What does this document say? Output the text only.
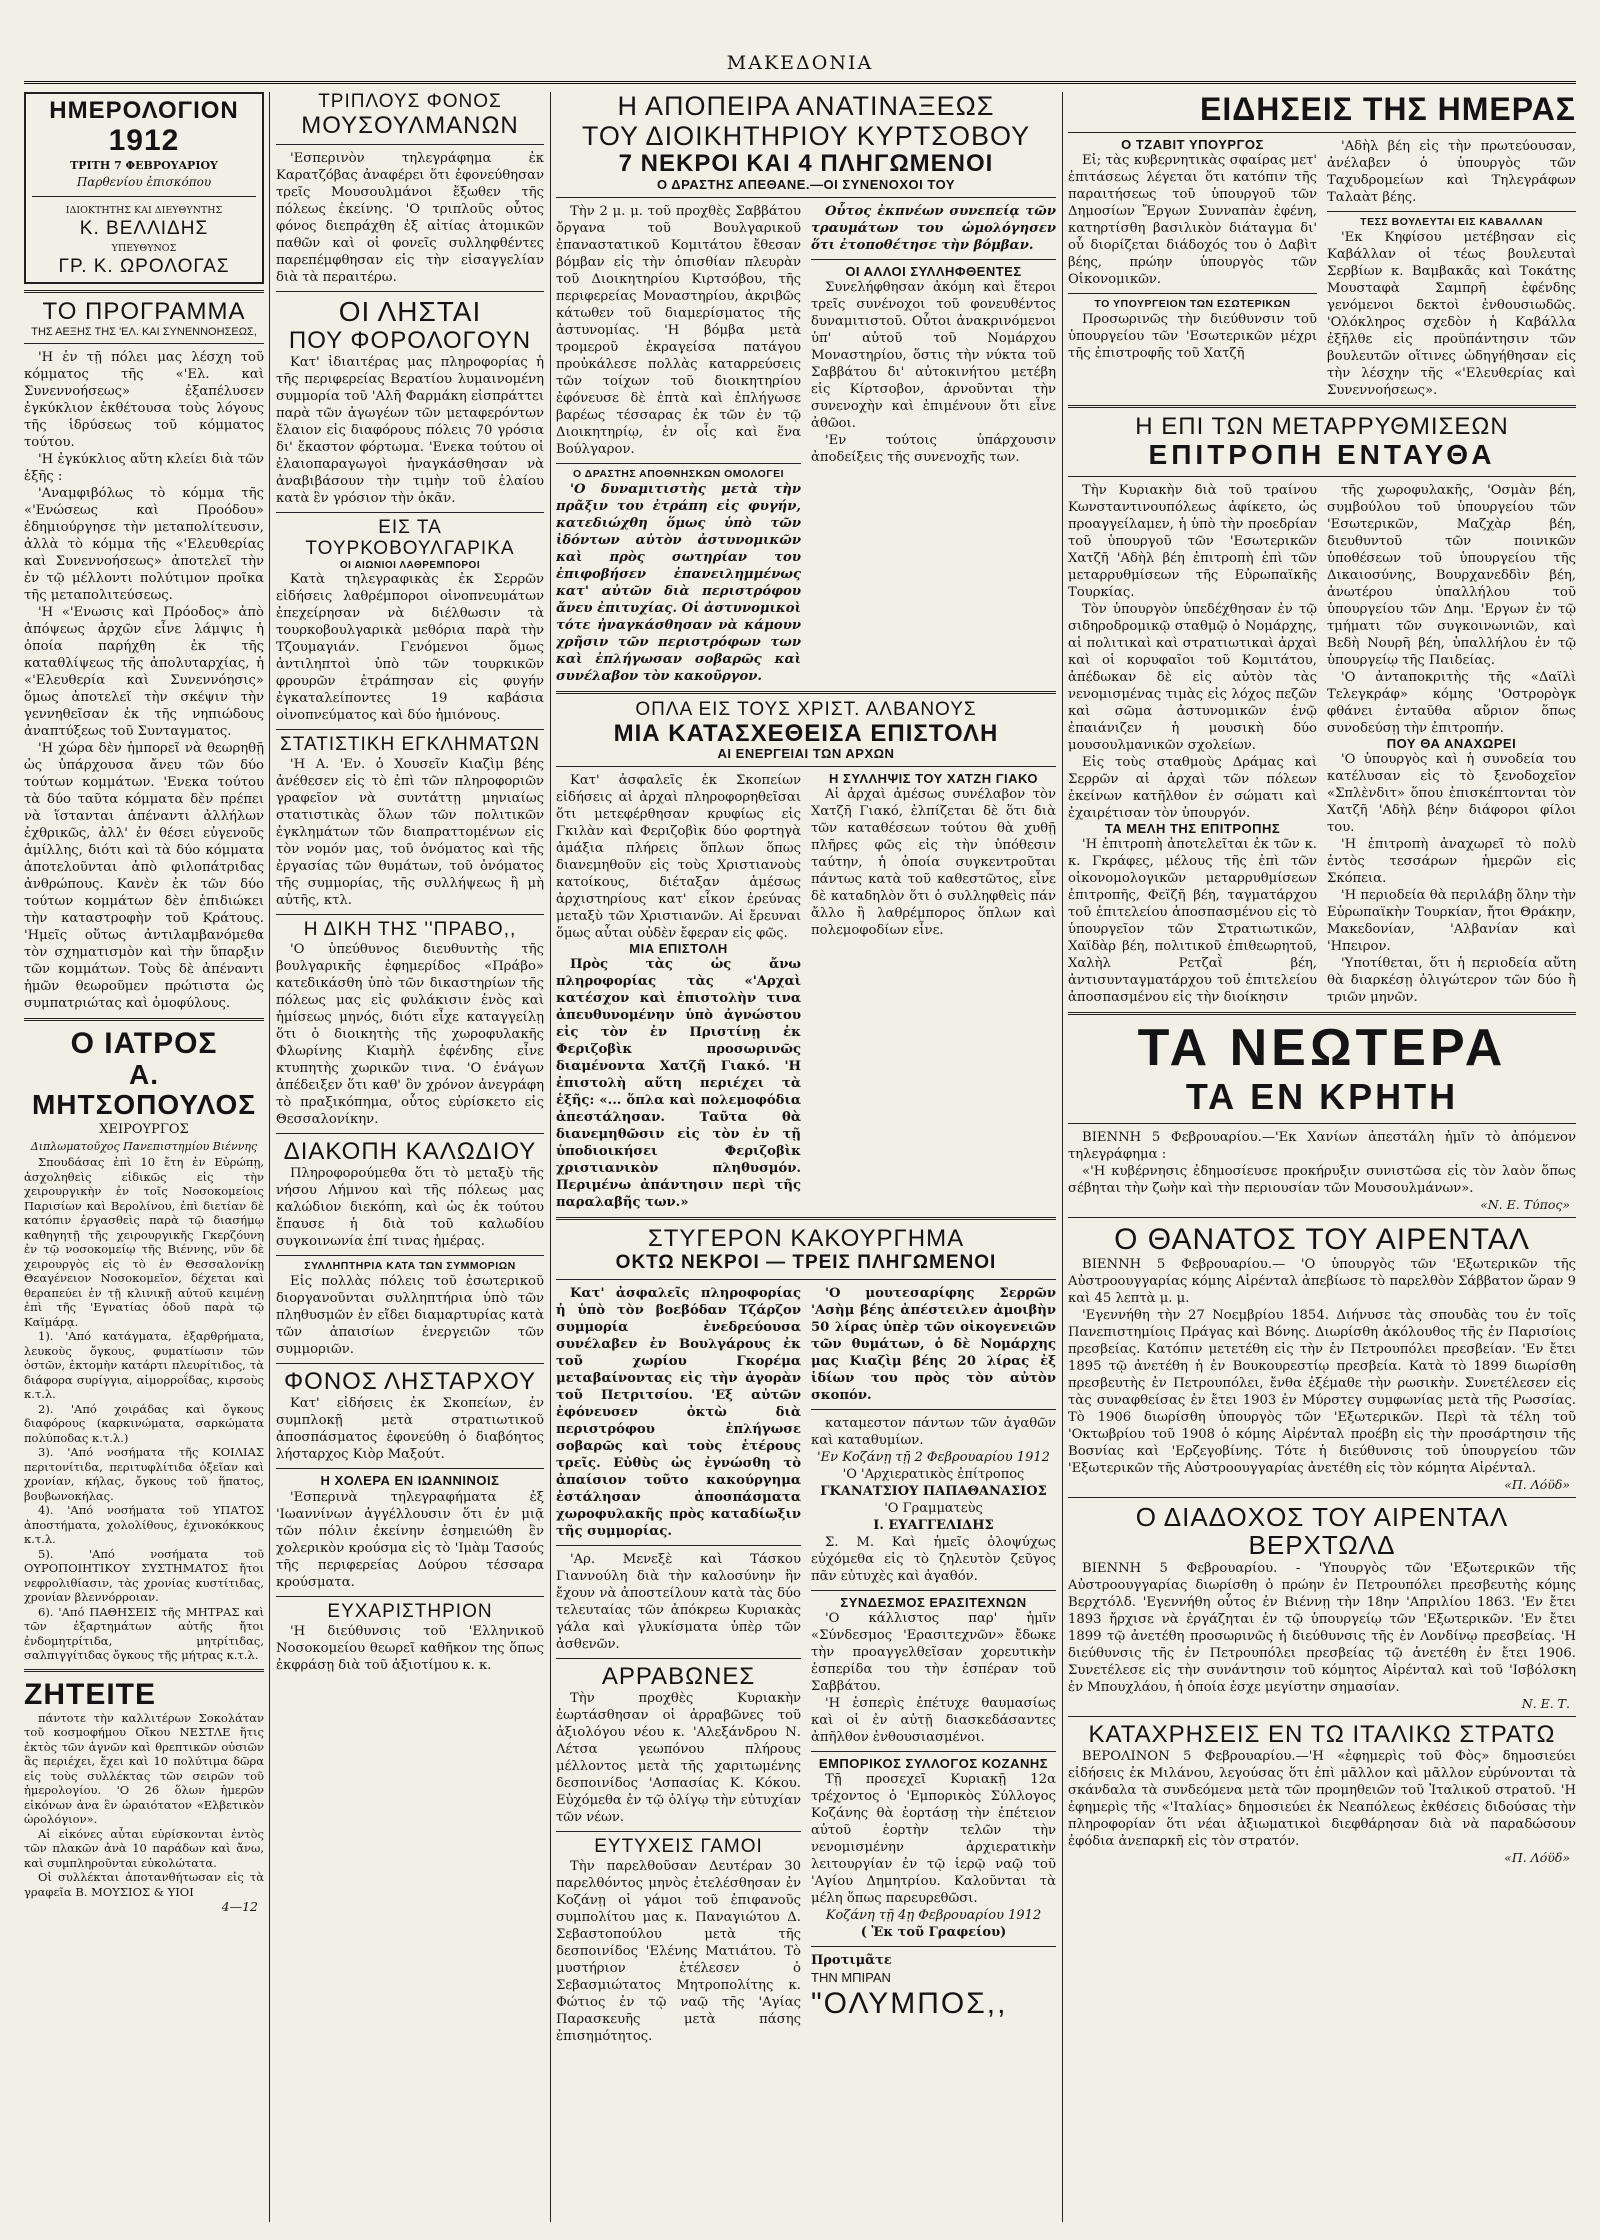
ΜΑΚΕΔΟΝΙΑ
ΗΜΕΡΟΛΟΓΙΟΝ
1912
ΤΡΙΤΗ 7 ΦΕΒΡΟΥΑΡΙΟΥ
Παρθενίου ἐπισκόπου
ΙΔΙΟΚΤΗΤΗΣ ΚΑΙ ΔΙΕΥΘΥΝΤΗΣ
Κ. ΒΕΛΛΙΔΗΣ
ΥΠΕΥΘΥΝΟΣ
ΓΡ. Κ. ΩΡΟΛΟΓΑΣ
ΤΟ ΠΡΟΓΡΑΜΜΑ
ΤΗΣ ΑΕΞΗΣ ΤΗΣ 'ΕΛ. ΚΑΙ ΣΥΝΕΝΝΟΗΣΕΩΣ,

'Η ἐν τῇ πόλει μας λέσχη τοῦ κόμματος τῆς «'Ελ. καὶ Συνεννοήσεως» ἐξαπέλυσεν ἐγκύκλιον ἐκθέτουσα τοὺς λόγους τῆς ἱδρύσεως τοῦ κόμματος τούτου.

'Η ἐγκύκλιος αὕτη κλείει διὰ τῶν ἑξῆς :

'Αναμφιβόλως τὸ κόμμα τῆς «'Ενώσεως καὶ Προόδου» ἐδημιούργησε τὴν μεταπολίτευσιν, ἀλλὰ τὸ κόμμα τῆς «'Ελευθερίας καὶ Συνεννοήσεως» ἀποτελεῖ τὴν ἐν τῷ μέλλοντι πολύτιμον προῖκα τῆς μεταπολιτεύσεως.

'Η «'Ενωσις καὶ Πρόοδος» ἀπὸ ἀπόψεως ἀρχῶν εἶνε λάμψις ἡ ὁποία παρήχθη ἐκ τῆς καταθλίψεως τῆς ἀπολυταρχίας, ἡ «'Ελευθερία καὶ Συνεννόησις» ὅμως ἀποτελεῖ τὴν σκέψιν τὴν γεννηθεῖσαν ἐκ τῆς νηπιώδους ἀναπτύξεως τοῦ Συνταγματος.

'Η χώρα δὲν ἠμπορεῖ νὰ θεωρηθῇ ὡς ὑπάρχουσα ἄνευ τῶν δύο τούτων κομμάτων. 'Ενεκα τούτου τὰ δύο ταῦτα κόμματα δὲν πρέπει νὰ ἵστανται ἀπέναντι ἀλλήλων ἐχθρικῶς, ἀλλ' ἐν θέσει εὐγενοῦς ἁμίλλης, διότι καὶ τὰ δύο κόμματα ἀποτελοῦνται ἀπὸ φιλοπάτριδας ἀνθρώπους. Κανὲν ἐκ τῶν δύο τούτων κομμάτων δὲν ἐπιδιώκει τὴν καταστροφὴν τοῦ Κράτους. 'Ημεῖς οὕτως ἀντιλαμβανόμεθα τὸν σχηματισμὸν καὶ τὴν ὕπαρξιν τῶν κομμάτων. Τοὺς δὲ ἀπέναντι ἡμῶν θεωροῦμεν πρώτιστα ὡς συμπατριώτας καὶ ὁμοφύλους.

Ο ΙΑΤΡΟΣ
Α. ΜΗΤΣΟΠΟΥΛΟΣ
ΧΕΙΡΟΥΡΓΟΣ
Διπλωματοῦχος Πανεπιστημίου Βιέννης

Σπουδάσας ἐπὶ 10 ἔτη ἐν Εὐρώπῃ, ἀσχοληθεὶς εἰδικῶς εἰς τὴν χειρουργικὴν ἐν τοῖς Νοσοκομείοις Παρισίων καὶ Βερολίνου, ἐπὶ διετίαν δὲ κατόπιν ἐργασθεὶς παρὰ τῷ διασήμῳ καθηγητῇ τῆς χειρουργικῆς Γκερζόυνη ἐν τῷ νοσοκομείῳ τῆς Βιέννης, νῦν δὲ χειρουργὸς εἰς τὸ ἐν Θεσσαλονίκῃ Θεαγένειον Νοσοκομεῖον, δέχεται καὶ θεραπεύει ἐν τῇ κλινικῇ αὐτοῦ κειμένῃ ἐπὶ τῆς 'Εγνατίας ὁδοῦ παρὰ τῷ Καϊμάρᾳ.

1). 'Από κατάγματα, ἐξαρθρήματα, λευκοὺς ὄγκους, φυματίωσιν τῶν ὀστῶν, ἐκτομὴν κατάρτι πλευρίτιδος, τὰ διάφορα συρίγγια, αἱμορροΐδας, κιρσοὺς κ.τ.λ.

2). 'Από χοιράδας καὶ ὄγκους διαφόρους (καρκινώματα, σαρκώματα πολύποδας κ.τ.λ.)

3). 'Από νοσήματα τῆς ΚΟΙΛΙΑΣ περιτονίτιδα, περιτυφλίτιδα ὀξεῖαν καὶ χρονίαν, κήλας, ὄγκους τοῦ ἥπατος, βουβωνοκήλας.

4). 'Από νοσήματα τοῦ ΥΠΑΤΟΣ ἀποστήματα, χολολίθους, ἐχινοκόκκους κ.τ.λ.

5). 'Από νοσήματα τοῦ ΟΥΡΟΠΟΙΗΤΙΚΟΥ ΣΥΣΤΗΜΑΤΟΣ ἤτοι νεφρολιθίασιν, τὰς χρονίας κυστίτιδας, χρονίαν βλεννόρροιαν.

6). 'Από ΠΑΘΗΣΕΙΣ τῆς ΜΗΤΡΑΣ καὶ τῶν ἐξαρτημάτων αὐτῆς ἤτοι ἐνδομητρίτιδα, μητρίτιδας, σαλπιγγίτιδας ὄγκους τῆς μήτρας κ.τ.λ.

ΖΗΤΕΙΤΕ

πάντοτε τὴν καλλιτέρων Σοκολάταν τοῦ κοσμοφήμου Οἴκου ΝΕΣΤΛΕ ἥτις ἐκτὸς τῶν ἁγνῶν καὶ θρεπτικῶν οὐσιῶν ἃς περιέχει, ἔχει καὶ 10 πολύτιμα δῶρα εἰς τοὺς συλλέκτας τῶν σειρῶν τοῦ ἡμερολογίου. 'Ο 26 ὅλων ἡμερῶν εἰκόνων ἀνα ἓν ὡραιότατον «Ελβετικὸν ὡρολόγιον».

Αἱ εἰκόνες αὗται εὑρίσκονται ἐντὸς τῶν πλακῶν ἀνὰ 10 παράδων καὶ ἄνω, καὶ συμπληροῦνται εὐκολώτατα.

Οἱ συλλέκται ἀποτανθήτωσαν εἰς τὰ γραφεῖα Β. ΜΟΥΣΙΟΣ & ΥΙΟΙ

4—12
ΤΡΙΠΛΟΥΣ ΦΟΝΟΣ
ΜΟΥΣΟΥΛΜΑΝΩΝ

'Εσπερινὸν τηλεγράφημα ἐκ Καρατζόβας ἀναφέρει ὅτι ἐφονεύθησαν τρεῖς Μουσουλμάνοι ἔξωθεν τῆς πόλεως ἐκείνης. 'Ο τριπλοῦς οὗτος φόνος διεπράχθη ἐξ αἰτίας ἀτομικῶν παθῶν καὶ οἱ φονεῖς συλληφθέντες παρεπέμφθησαν εἰς τὴν εἰσαγγελίαν διὰ τὰ περαιτέρω.

ΟΙ ΛΗΣΤΑΙ
ΠΟΥ ΦΟΡΟΛΟΓΟΥΝ

Κατ' ἰδιαιτέρας μας πληροφορίας ἡ τῆς περιφερείας Βερατίου λυμαινομένη συμμορία τοῦ 'Αλῆ Φαρμάκη εἰσπράττει παρὰ τῶν ἀγωγέων τῶν μεταφερόντων ἔλαιον εἰς διαφόρους πόλεις 70 γρόσια δι' ἕκαστον φόρτωμα. 'Ενεκα τούτου οἱ ἐλαιοπαραγωγοὶ ἠναγκάσθησαν νὰ ἀναβιβάσουν τὴν τιμὴν τοῦ ἐλαίου κατὰ ἓν γρόσιον τὴν ὀκᾶν.

ΕΙΣ ΤΑ ΤΟΥΡΚΟΒΟΥΛΓΑΡΙΚΑ
ΟΙ ΑΙΩΝΙΟΙ ΛΑΘΡΕΜΠΟΡΟΙ

Κατὰ τηλεγραφικὰς ἐκ Σερρῶν εἰδήσεις λαθρέμποροι οἰνοπνευμάτων ἐπεχείρησαν νὰ διέλθωσιν τὰ τουρκοβουλγαρικὰ μεθόρια παρὰ τὴν Τζουμαγιάν. Γενόμενοι ὅμως ἀντιληπτοὶ ὑπὸ τῶν τουρκικῶν φρουρῶν ἐτράπησαν εἰς φυγήν ἐγκαταλείποντες 19 καβάσια οἰνοπνεύματος καὶ δύο ἡμιόνους.

ΣΤΑΤΙΣΤΙΚΗ ΕΓΚΛΗΜΑΤΩΝ

'Η Α. 'Εν. ὁ Χουσεῖν Κιαζὶμ βέης ἀνέθεσεν εἰς τὸ ἐπὶ τῶν πληροφοριῶν γραφεῖον νὰ συντάττῃ μηνιαίως στατιστικὰς ὅλων τῶν πολιτικῶν ἐγκλημάτων τῶν διαπραττομένων εἰς τὸν νομόν μας, τοῦ ὀνόματος καὶ τῆς ἐργασίας τῶν θυμάτων, τοῦ ὀνόματος τῆς συμμορίας, τῆς συλλήψεως ἢ μὴ αὐτῆς, κτλ.

Η ΔΙΚΗ ΤΗΣ ''ΠΡΑΒΟ,,

'Ο ὑπεύθυνος διευθυντὴς τῆς βουλγαρικῆς ἐφημερίδος «Πράβο» κατεδικάσθη ὑπὸ τῶν δικαστηρίων τῆς πόλεως μας εἰς φυλάκισιν ἑνὸς καὶ ἡμίσεως μηνός, διότι εἶχε καταγγείλῃ ὅτι ὁ διοικητὴς τῆς χωροφυλακῆς Φλωρίνης Κιαμὴλ ἐφένδης εἶνε κτυπητὴς χωρικῶν τινα. 'Ο ἐνάγων ἀπέδειξεν ὅτι καθ' ὃν χρόνον ἀνεγράφη τὸ πραξικόπημα, οὗτος εὑρίσκετο εἰς Θεσσαλονίκην.

ΔΙΑΚΟΠΗ ΚΑΛΩΔΙΟΥ

Πληροφορούμεθα ὅτι τὸ μεταξὺ τῆς νήσου Λήμνου καὶ τῆς πόλεως μας καλώδιον διεκόπη, καὶ ὡς ἐκ τούτου ἔπαυσε ἡ διὰ τοῦ καλωδίου συγκοινωνία ἐπί τινας ἡμέρας.

ΣΥΛΛΗΠΤΗΡΙΑ ΚΑΤΑ ΤΩΝ ΣΥΜΜΟΡΙΩΝ

Εἰς πολλὰς πόλεις τοῦ ἐσωτερικοῦ διοργανοῦνται συλληπτήρια ὑπὸ τῶν πληθυσμῶν ἐν εἴδει διαμαρτυρίας κατὰ τῶν ἀπαισίων ἐνεργειῶν τῶν συμμοριῶν.

ΦΟΝΟΣ ΛΗΣΤΑΡΧΟΥ

Κατ' εἰδήσεις ἐκ Σκοπείων, ἐν συμπλοκῇ μετὰ στρατιωτικοῦ ἀποσπάσματος ἐφονεύθη ὁ διαβόητος λήσταρχος Κιὸρ Μαξούτ.

Η ΧΟΛΕΡΑ ΕΝ ΙΩΑΝΝΙΝΟΙΣ

'Εσπερινὰ τηλεγραφήματα ἐξ 'Ιωαννίνων ἀγγέλλουσιν ὅτι ἐν μιᾷ τῶν πόλιν ἐκείνην ἐσημειώθη ἓν χολερικὸν κρούσμα εἰς τὸ 'Ιμὰμ Τασούς τῆς περιφερείας Δούρου τέσσαρα κρούσματα.

ΕΥΧΑΡΙΣΤΗΡΙΟΝ

'Η διεύθυνσις τοῦ 'Ελληνικοῦ Νοσοκομείου θεωρεῖ καθῆκον της ὅπως ἐκφράσῃ διὰ τοῦ ἀξιοτίμου κ. κ.

Η ΑΠΟΠΕΙΡΑ ΑΝΑΤΙΝΑΞΕΩΣ
ΤΟΥ ΔΙΟΙΚΗΤΗΡΙΟΥ ΚΥΡΤΣΟΒΟΥ
7 ΝΕΚΡΟΙ ΚΑΙ 4 ΠΛΗΓΩΜΕΝΟΙ
Ο ΔΡΑΣΤΗΣ ΑΠΕΘΑΝΕ.—ΟΙ ΣΥΝΕΝΟΧΟΙ ΤΟΥ

Τὴν 2 μ. μ. τοῦ προχθὲς Σαββάτου ὄργανα τοῦ Βουλγαρικοῦ ἐπαναστατικοῦ Κομιτάτου ἔθεσαν βόμβαν εἰς τὴν ὀπισθίαν πλευρὰν τοῦ Διοικητηρίου Κιρτσόβου, τῆς περιφερείας Μοναστηρίου, ἀκριβῶς κάτωθεν τοῦ διαμερίσματος τῆς ἀστυνομίας. 'Η βόμβα μετὰ τρομεροῦ ἐκραγείσα πατάγου προὐκάλεσε πολλὰς καταρρεύσεις τῶν τοίχων τοῦ διοικητηρίου ἐφόνευσε δὲ ἑπτὰ καὶ ἐπλήγωσε βαρέως τέσσαρας ἐκ τῶν ἐν τῷ Διοικητηρίῳ, ἐν οἷς καὶ ἕνα Βούλγαρον.

Ο ΔΡΑΣΤΗΣ ΑΠΟΘΝΗΣΚΩΝ ΟΜΟΛΟΓΕΙ

'Ο δυναμιτιστὴς μετὰ τὴν πρᾶξιν του ἐτράπη εἰς φυγήν, κατεδιώχθη ὅμως ὑπὸ τῶν ἰδόντων αὐτὸν ἀστυνομικῶν καὶ πρὸς σωτηρίαν του ἐπιφοβήσεν ἐπανειλημμένως κατ' αὐτῶν διὰ περιστρόφου ἄνευ ἐπιτυχίας. Οἱ ἀστυνομικοὶ τότε ἠναγκάσθησαν νὰ κάμουν χρῆσιν τῶν περιστρόφων των καὶ ἐπλήγωσαν σοβαρῶς καὶ συνέλαβον τὸν κακοῦργον.

Οὗτος ἐκπνέων συνεπείᾳ τῶν τραυμάτων του ὡμολόγησεν ὅτι ἐτοποθέτησε τὴν βόμβαν.

ΟΙ ΑΛΛΟΙ ΣΥΛΛΗΦΘΕΝΤΕΣ

Συνελήφθησαν ἀκόμη καὶ ἕτεροι τρεῖς συνένοχοι τοῦ φονευθέντος δυναμιτιστοῦ. Οὗτοι ἀνακρινόμενοι ὑπ' αὐτοῦ τοῦ Νομάρχου Μοναστηρίου, ὅστις τὴν νύκτα τοῦ Σαββάτου δι' αὐτοκινήτου μετέβη εἰς Κίρτσοβον, ἀρνοῦνται τὴν συνενοχὴν καὶ ἐπιμένουν ὅτι εἶνε ἀθῶοι.

'Εν τούτοις ὑπάρχουσιν ἀποδείξεις τῆς συνενοχῆς των.

ΟΠΛΑ ΕΙΣ ΤΟΥΣ ΧΡΙΣΤ. ΑΛΒΑΝΟΥΣ
ΜΙΑ ΚΑΤΑΣΧΕΘΕΙΣΑ ΕΠΙΣΤΟΛΗ
ΑΙ ΕΝΕΡΓΕΙΑΙ ΤΩΝ ΑΡΧΩΝ

Κατ' ἀσφαλεῖς ἐκ Σκοπείων εἰδήσεις αἱ ἀρχαὶ πληροφορηθεῖσαι ὅτι μετεφέρθησαν κρυφίως εἰς Γκιλὰν καὶ Φεριζοβὶκ δύο φορτηγὰ ἁμάξια πλήρεις ὅπλων ὅπως διανεμηθοῦν εἰς τοὺς Χριστιανοὺς κατοίκους, διέταξαν ἀμέσως ἀρχιστηρίους κατ' εἶκον ἐρεύνας μεταξὺ τῶν Χριστιανῶν. Αἱ ἔρευναι ὅμως αὗται οὐδὲν ἔφεραν εἰς φῶς.

ΜΙΑ ΕΠΙΣΤΟΛΗ

Πρὸς τὰς ὡς ἄνω πληροφορίας τὰς «'Αρχαὶ κατέσχον καὶ ἐπιστολὴν τινα ἀπευθυνομένην ὑπὸ ἀγνώστου εἰς τὸν ἐν Πριστίνῃ ἐκ Φεριζοβὶκ προσωρινῶς διαμένοντα Χατζῆ Γιακό. 'Η ἐπιστολὴ αὕτη περιέχει τὰ ἑξῆς: «... ὅπλα καὶ πολεμοφόδια ἀπεστάλησαν. Ταῦτα θὰ διανεμηθῶσιν εἰς τὸν ἐν τῇ ὑποδιοικήσει Φεριζοβὶκ χριστιανικὸν πληθυσμόν. Περιμένω ἀπάντησιν περὶ τῆς παραλαβῆς των.»

Η ΣΥΛΛΗΨΙΣ ΤΟΥ ΧΑΤΖΗ ΓΙΑΚΟ

Αἱ ἀρχαὶ ἀμέσως συνέλαβον τὸν Χατζῆ Γιακό, ἐλπίζεται δὲ ὅτι διὰ τῶν καταθέσεων τούτου θὰ χυθῇ πλῆρες φῶς εἰς τὴν ὑπόθεσιν ταύτην, ἡ ὁποία συγκεντροῦται πάντως κατὰ τοῦ καθεστῶτος, εἶνε δὲ καταδηλὸν ὅτι ὁ συλληφθεὶς πάν ἄλλο ἢ λαθρέμπορος ὅπλων καὶ πολεμοφοδίων εἶνε.

ΣΤΥΓΕΡΟΝ ΚΑΚΟΥΡΓΗΜΑ
ΟΚΤΩ ΝΕΚΡΟΙ — ΤΡΕΙΣ ΠΛΗΓΩΜΕΝΟΙ

Κατ' ἀσφαλεῖς πληροφορίας ἡ ὑπὸ τὸν βοεβόδαν Τζάρζον συμμορία ἐνεδρεύουσα συνέλαβεν ἐν Βουλγάρους ἐκ τοῦ χωρίου Γκορέμα μεταβαίνοντας εἰς τὴν ἀγορὰν τοῦ Πετριτσίου. 'Εξ αὐτῶν ἐφόνευσεν ὀκτὼ διὰ περιστρόφου ἐπλήγωσε σοβαρῶς καὶ τοὺς ἑτέρους τρεῖς. Εὐθὺς ὡς ἐγνώσθη τὸ ἀπαίσιον τοῦτο κακούργημα ἐστάλησαν ἀποσπάσματα χωροφυλακῆς πρὸς καταδίωξιν τῆς συμμορίας.

'Αρ. Μενεξὲ καὶ Τάσκου Γιαννούλη διὰ τὴν καλοσύνην ἣν ἔχουν νὰ ἀποστείλουν κατὰ τὰς δύο τελευταίας τῶν ἀπόκρεω Κυριακὰς γάλα καὶ γλυκίσματα ὑπὲρ τῶν ἀσθενῶν.

ΑΡΡΑΒΩΝΕΣ

Τὴν προχθὲς Κυριακὴν ἐωρτάσθησαν οἱ ἀρραβῶνες τοῦ ἀξιολόγου νέου κ. 'Αλεξάνδρου Ν. Λέτσα γεωπόνου πλήρους μέλλοντος μετὰ τῆς χαριτωμένης δεσποινίδος 'Ασπασίας Κ. Κόκου. Εὐχόμεθα ἐν τῷ ὀλίγῳ τὴν εὐτυχίαν τῶν νέων.

ΕΥΤΥΧΕΙΣ ΓΑΜΟΙ

Τὴν παρελθοῦσαν Δευτέραν 30 παρελθόντος μηνὸς ἐτελέσθησαν ἐν Κοζάνῃ οἱ γάμοι τοῦ ἐπιφανοῦς συμπολίτου μας κ. Παναγιώτου Δ. Σεβαστοπούλου μετὰ τῆς δεσποινίδος 'Ελένης Ματιάτου. Τὸ μυστήριον ἐτέλεσεν ὁ Σεβασμιώτατος Μητροπολίτης κ. Φώτιος ἐν τῷ ναῷ τῆς 'Αγίας Παρασκευῆς μετὰ πάσης ἐπισημότητος.

'Ο μουτεσαρίφης Σερρῶν 'Ασὴμ βέης ἀπέστειλεν ἀμοιβὴν 50 λίρας ὑπὲρ τῶν οἰκογενειῶν τῶν θυμάτων, ὁ δὲ Νομάρχης μας Κιαζὶμ βέης 20 λίρας ἐξ ἰδίων του πρὸς τὸν αὐτὸν σκοπόν.

καταμεστον πάντων τῶν ἀγαθῶν καὶ καταθυμίων.

'Εν Κοζάνῃ τῇ 2 Φεβρουαρίου 1912
'Ο 'Αρχιερατικὸς ἐπίτροπος
ΓΚΑΝΑΤΣΙΟΥ ΠΑΠΑΘΑΝΑΣΙΟΣ
'Ο Γραμματεὺς
Ι. ΕΥΑΓΓΕΛΙΔΗΣ

Σ. Μ. Καὶ ἡμεῖς ὁλοψύχως εὐχόμεθα εἰς τὸ ζηλευτὸν ζεῦγος πᾶν εὐτυχὲς καὶ ἀγαθόν.

ΣΥΝΔΕΣΜΟΣ ΕΡΑΣΙΤΕΧΝΩΝ

'Ο κάλλιστος παρ' ἡμῖν «Σύνδεσμος 'Ερασιτεχνῶν» ἔδωκε τὴν προαγγελθεῖσαν χορευτικὴν ἑσπερίδα του τὴν ἑσπέραν τοῦ Σαββάτου.

'Η ἑσπερὶς ἐπέτυχε θαυμασίως καὶ οἱ ἐν αὐτῇ διασκεδάσαντες ἀπῆλθον ἐνθουσιασμένοι.

ΕΜΠΟΡΙΚΟΣ ΣΥΛΛΟΓΟΣ ΚΟΖΑΝΗΣ

Τῇ προσεχεῖ Κυριακῇ 12α τρέχοντος ὁ 'Εμπορικὸς Σύλλογος Κοζάνης θὰ ἑορτάσῃ τὴν ἐπέτειον αὐτοῦ ἑορτὴν τελῶν τὴν νενομισμένην ἀρχιερατικὴν λειτουργίαν ἐν τῷ ἱερῷ ναῷ τοῦ 'Αγίου Δημητρίου. Καλοῦνται τὰ μέλη ὅπως παρευρεθῶσι.

Κοζάνη τῇ 4ῃ Φεβρουαρίου 1912
( Ἐκ τοῦ Γραφείου)
Προτιμᾶτε
ΤΗΝ ΜΠΙΡΑΝ "ΟΛΥΜΠΟΣ,,
ΕΙΔΗΣΕΙΣ ΤΗΣ ΗΜΕΡΑΣ
Ο ΤΖΑΒΙΤ ΥΠΟΥΡΓΟΣ

Εἰ; τὰς κυβερνητικὰς σφαίρας μετ' ἐπιτάσεως λέγεται ὅτι κατόπιν τῆς παραιτήσεως τοῦ ὑπουργοῦ τῶν Δημοσίων Ἔργων Συνναπὰν ἐφένη, κατηρτίσθη βασιλικὸν διάταγμα δι' οὗ διορίζεται διάδοχός του ὁ Δαβὶτ βέης, πρώην ὑπουργὸς τῶν Οἰκονομικῶν.

ΤΟ ΥΠΟΥΡΓΕΙΟΝ ΤΩΝ ΕΣΩΤΕΡΙΚΩΝ

Προσωρινῶς τὴν διεύθυνσιν τοῦ ὑπουργείου τῶν 'Εσωτερικῶν μέχρι τῆς ἐπιστροφῆς τοῦ Χατζῆ

'Αδὴλ βέη εἰς τὴν πρωτεύουσαν, ἀνέλαβεν ὁ ὑπουργὸς τῶν Ταχυδρομείων καὶ Τηλεγράφων Ταλαὰτ βέης.

ΤΕΣΣ ΒΟΥΛΕΥΤΑΙ ΕΙΣ ΚΑΒΑΛΛΑΝ

'Εκ Κηφίσου μετέβησαν εἰς Καβάλλαν οἱ τέως βουλευταὶ Σερβίων κ. Βαμβακᾶς καὶ Τοκάτης Μουσταφὰ Σαμπρῆ ἐφένδης γενόμενοι δεκτοὶ ἐνθουσιωδῶς. 'Ολόκληρος σχεδὸν ἡ Καβάλλα ἐξῆλθε εἰς προϋπάντησιν τῶν βουλευτῶν οἵτινες ὡδηγήθησαν εἰς τὴν λέσχην τῆς «'Ελευθερίας καὶ Συνεννοήσεως».

Η ΕΠΙ ΤΩΝ ΜΕΤΑΡΡΥΘΜΙΣΕΩΝ
ΕΠΙΤΡΟΠΗ ΕΝΤΑΥΘΑ

Τὴν Κυριακὴν διὰ τοῦ τραίνου Κωνσταντινουπόλεως ἀφίκετο, ὡς προαγγείλαμεν, ἡ ὑπὸ τὴν προεδρίαν τοῦ ὑπουργοῦ τῶν 'Εσωτερικῶν Χατζῆ 'Αδὴλ βέη ἐπιτροπὴ ἐπὶ τῶν μεταρρυθμίσεων τῆς Εὐρωπαϊκῆς Τουρκίας.

Τὸν ὑπουργὸν ὑπεδέχθησαν ἐν τῷ σιδηροδρομικῷ σταθμῷ ὁ Νομάρχης, αἱ πολιτικαὶ καὶ στρατιωτικαὶ ἀρχαὶ καὶ οἱ κορυφαῖοι τοῦ Κομιτάτου, ἀπέδωκαν δὲ εἰς αὐτὸν τὰς νενομισμένας τιμὰς εἰς λόχος πεζῶν καὶ σῶμα ἀστυνομικῶν ἐνῷ ἐπαιάνιζεν ἡ μουσικὴ δύο μουσουλμανικῶν σχολείων.

Εἰς τοὺς σταθμοὺς Δράμας καὶ Σερρῶν αἱ ἀρχαὶ τῶν πόλεων ἐκείνων κατῆλθον ἐν σώματι καὶ ἐχαιρέτισαν τὸν ὑπουργόν.

ΤΑ ΜΕΛΗ ΤΗΣ ΕΠΙΤΡΟΠΗΣ

'Η ἐπιτροπὴ ἀποτελεῖται ἐκ τῶν κ. κ. Γκράφες, μέλους τῆς ἐπὶ τῶν οἰκονομολογικῶν μεταρρυθμίσεων ἐπιτροπῆς, Φεϊζῆ βέη, ταγματάρχου τοῦ ἐπιτελείου ἀποσπασμένου εἰς τὸ ὑπουργεῖον τῶν Στρατιωτικῶν, Χαϊδὰρ βέη, πολιτικοῦ ἐπιθεωρητοῦ, Χαλὴλ Ρετζαῒ βέη, ἀντισυνταγματάρχου τοῦ ἐπιτελείου ἀποσπασμένου εἰς τὴν διοίκησιν

τῆς χωροφυλακῆς, 'Οσμὰν βέη, συμβούλου τοῦ ὑπουργείου τῶν 'Εσωτερικῶν, Μαζχὰρ βέη, διευθυντοῦ τῶν ποινικῶν ὑποθέσεων τοῦ ὑπουργείου τῆς Δικαιοσύνης, Βουρχανεδδὶν βέη, ἀνωτέρου ὑπαλλήλου τοῦ ὑπουργείου τῶν Δημ. 'Εργων ἐν τῷ τμήματι τῶν συγκοινωνιῶν, καὶ Βεδὴ Νουρῆ βέη, ὑπαλλήλου ἐν τῷ ὑπουργείῳ τῆς Παιδείας.

'Ο ἀνταποκριτὴς τῆς «Δαϊλὶ Τελεγκράφ» κόμης 'Οστρορὸγκ φθάνει ἐνταῦθα αὔριον ὅπως συνοδεύσῃ τὴν ἐπιτροπήν.

ΠΟΥ ΘΑ ΑΝΑΧΩΡΕΙ

'Ο ὑπουργὸς καὶ ἡ συνοδεία του κατέλυσαν εἰς τὸ ξενοδοχεῖον «Σπλὲνδιτ» ὅπου ἐπισκέπτονται τὸν Χατζῆ 'Αδὴλ βέην διάφοροι φίλοι του.

'Η ἐπιτροπὴ ἀναχωρεῖ τὸ πολὺ ἐντὸς τεσσάρων ἡμερῶν εἰς Σκόπεια.

'Η περιοδεία θὰ περιλάβῃ ὅλην τὴν Εὐρωπαϊκὴν Τουρκίαν, ἤτοι Θράκην, Μακεδονίαν, 'Αλβανίαν καὶ 'Ηπειρον.

'Υποτίθεται, ὅτι ἡ περιοδεία αὕτη θὰ διαρκέσῃ ὀλιγώτερον τῶν δύο ἢ τριῶν μηνῶν.

ΤΑ ΝΕΩΤΕΡΑ
ΤΑ ΕΝ ΚΡΗΤΗ

ΒΙΕΝΝΗ 5 Φεβρουαρίου.—'Εκ Χανίων ἀπεστάλη ἡμῖν τὸ ἀπόμενον τηλεγράφημα :

«'Η κυβέρνησις ἐδημοσίευσε προκήρυξιν συνιστῶσα εἰς τὸν λαὸν ὅπως σέβηται τὴν ζωὴν καὶ τὴν περιουσίαν τῶν Μουσουλμάνων».

«Ν. Ε. Τύπος»
Ο ΘΑΝΑΤΟΣ ΤΟΥ ΑΙΡΕΝΤΑΛ

ΒΙΕΝΝΗ 5 Φεβρουαρίου.— 'Ο ὑπουργὸς τῶν 'Εξωτερικῶν τῆς Αὐστροουγγαρίας κόμης Αἰρένταλ ἀπεβίωσε τὸ παρελθὸν Σάββατον ὥραν 9 καὶ 45 λεπτὰ μ. μ.

'Εγεννήθη τὴν 27 Νοεμβρίου 1854. Διήνυσε τὰς σπουδὰς του ἐν τοῖς Πανεπιστημίοις Πράγας καὶ Βόνης. Διωρίσθη ἀκόλουθος τῆς ἐν Παρισίοις πρεσβείας. Κατόπιν μετετέθη εἰς τὴν ἐν Πετρουπόλει πρεσβείαν. 'Εν ἔτει 1895 τῷ ἀνετέθη ἡ ἐν Βουκουρεστίῳ πρεσβεία. Κατὰ τὸ 1899 διωρίσθη πρεσβευτὴς ἐν Πετρουπόλει, ἔνθα ἐξέμαθε τὴν ρωσικὴν. Συνετέλεσεν εἰς τὰς συναφθείσας ἐν ἔτει 1903 ἐν Μύρστεγ συμφωνίας μετὰ τῆς Ρωσσίας. Τὸ 1906 διωρίσθη ὑπουργὸς τῶν 'Εξωτερικῶν. Περὶ τὰ τέλη τοῦ 'Οκτωβρίου τοῦ 1908 ὁ κόμης Αἰρένταλ προέβη εἰς τὴν προσάρτησιν τῆς Βοσνίας καὶ 'Ερζεγοβίνης. Τότε ἡ διεύθυνσις τοῦ ὑπουργείου τῶν 'Εξωτερικῶν τῆς Αὐστροουγγαρίας ἀνετέθη εἰς τὸν κόμητα Αἰρένταλ.

«Π. Λόϋδ»
Ο ΔΙΑΔΟΧΟΣ ΤΟΥ ΑΙΡΕΝΤΑΛ ΒΕΡΧΤΩΛΔ

ΒΙΕΝΝΗ 5 Φεβρουαρίου. - 'Υπουργὸς τῶν 'Εξωτερικῶν τῆς Αὐστροουγγαρίας διωρίσθη ὁ πρώην ἐν Πετρουπόλει πρεσβευτὴς κόμης Βερχτόλδ. 'Εγεννήθη οὗτος ἐν Βιέννῃ τὴν 18ην 'Απριλίου 1863. 'Εν ἔτει 1893 ἤρχισε νὰ ἐργάζηται ἐν τῷ ὑπουργείῳ τῶν 'Εξωτερικῶν. 'Εν ἔτει 1899 τῷ ἀνετέθη προσωρινῶς ἡ διεύθυνσις τῆς ἐν Λονδίνῳ πρεσβείας. 'Η διεύθυνσις τῆς ἐν Πετρουπόλει πρεσβείας τῷ ἀνετέθη ἐν ἔτει 1906. Συνετέλεσε εἰς τὴν συνάντησιν τοῦ κόμητος Αἰρένταλ καὶ τοῦ 'Ισβόλσκη ἐν Μπουχλάου, ἡ ὁποία ἐσχε μεγίστην σημασίαν.

Ν. Ε. Τ.
ΚΑΤΑΧΡΗΣΕΙΣ ΕΝ ΤΩ ΙΤΑΛΙΚΩ ΣΤΡΑΤΩ

ΒΕΡΟΛΙΝΟΝ 5 Φεβρουαρίου.—'Η «ἐφημερὶς τοῦ Φὸς» δημοσιεύει εἰδήσεις ἐκ Μιλάνου, λεγούσας ὅτι ἐπὶ μᾶλλον καὶ μᾶλλον εὐρύνονται τὰ σκάνδαλα τὰ συνδεόμενα μετὰ τῶν προμηθειῶν τοῦ Ἰταλικοῦ στρατοῦ. 'Η ἐφημερὶς τῆς «'Ιταλίας» δημοσιεύει ἐκ Νεαπόλεως ἐκθέσεις διδούσας τὴν πληροφορίαν ὅτι νέαι ἀξιωματικοὶ διεφθάρησαν διὰ νὰ παραδώσουν ἐφόδια ἀνεπαρκῆ εἰς τὸν στρατόν.

«Π. Λόϋδ»
